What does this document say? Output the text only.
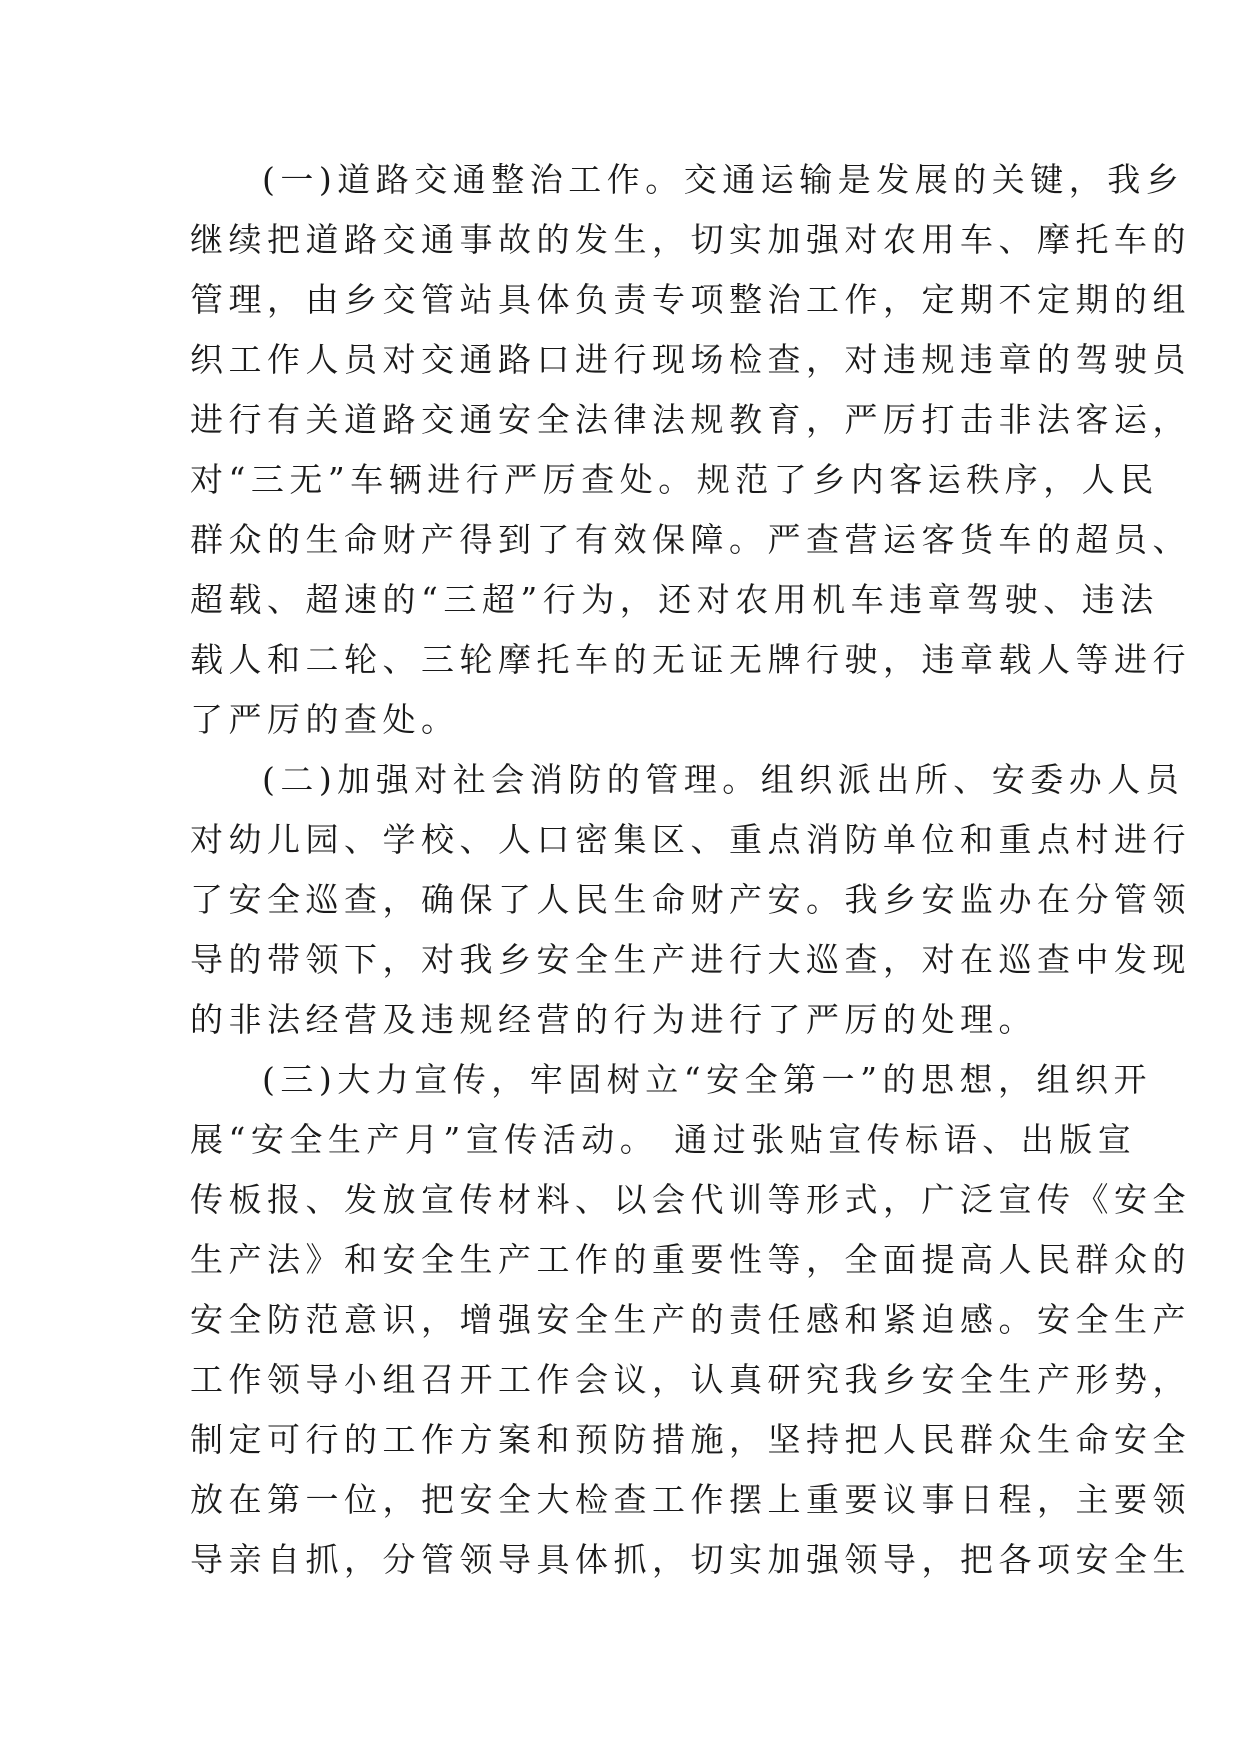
(一)道路交通整治工作。交通运输是发展的关键，我乡
继续把道路交通事故的发生，切实加强对农用车、摩托车的
管理，由乡交管站具体负责专项整治工作，定期不定期的组
织工作人员对交通路口进行现场检查，对违规违章的驾驶员
进行有关道路交通安全法律法规教育，严厉打击非法客运，
对“三无”车辆进行严厉查处。规范了乡内客运秩序，人民
群众的生命财产得到了有效保障。严查营运客货车的超员、
超载、超速的“三超”行为，还对农用机车违章驾驶、违法
载人和二轮、三轮摩托车的无证无牌行驶，违章载人等进行
了严厉的查处。

(二)加强对社会消防的管理。组织派出所、安委办人员
对幼儿园、学校、人口密集区、重点消防单位和重点村进行
了安全巡查，确保了人民生命财产安。我乡安监办在分管领
导的带领下，对我乡安全生产进行大巡查，对在巡查中发现
的非法经营及违规经营的行为进行了严厉的处理。

(三)大力宣传，牢固树立“安全第一”的思想，组织开
展“安全生产月”宣传活动。 通过张贴宣传标语、出版宣
传板报、发放宣传材料、以会代训等形式，广泛宣传《安全
生产法》和安全生产工作的重要性等，全面提高人民群众的
安全防范意识，增强安全生产的责任感和紧迫感。安全生产
工作领导小组召开工作会议，认真研究我乡安全生产形势，
制定可行的工作方案和预防措施，坚持把人民群众生命安全
放在第一位，把安全大检查工作摆上重要议事日程，主要领
导亲自抓，分管领导具体抓，切实加强领导，把各项安全生
